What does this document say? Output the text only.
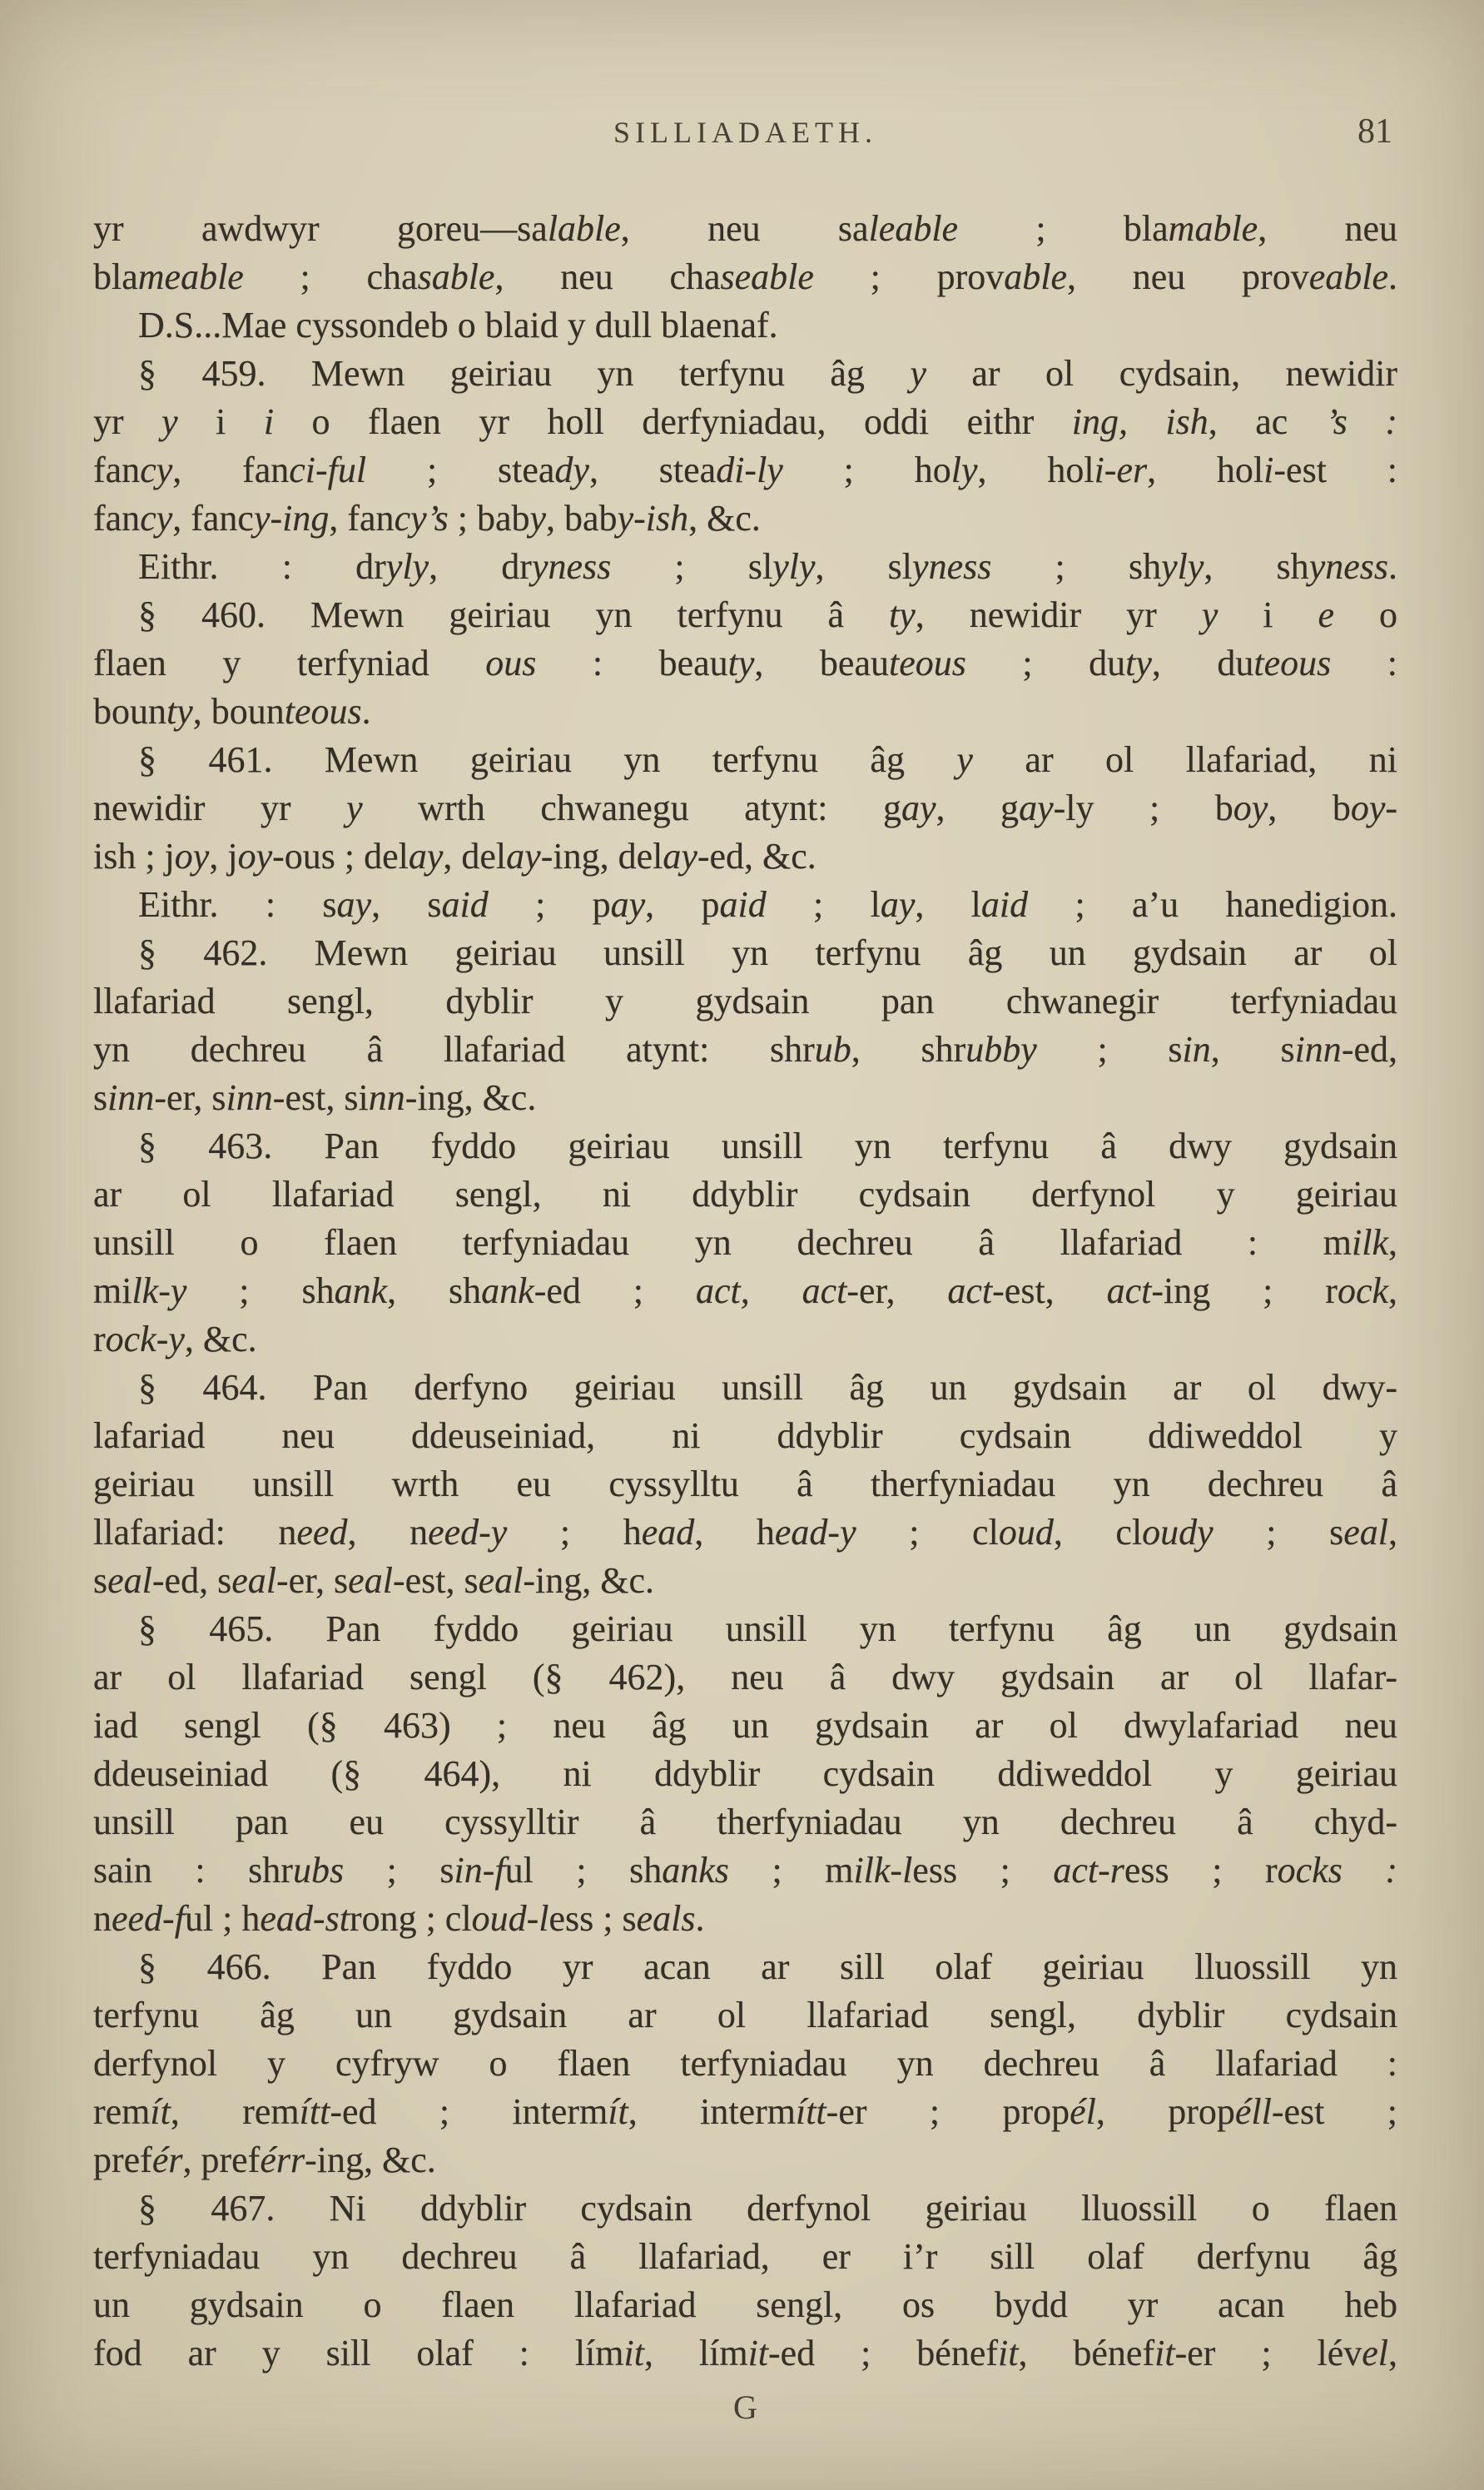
SILLIADAETH.	81
yr awdwyr goreu—salable, neu saleable ; blamable, neu
blameable ; chasable, neu chaseable ; provable, neu proveable.
D.S...Mae cyssondeb o blaid y dull blaenaf.
§ 459. Mewn geiriau yn terfynu âg y ar ol cydsain, newidir
yr y i i o flaen yr holl derfyniadau, oddi eithr ing, ish, ac ’s :
fancy, fanci-ful ; steady, steadi-ly ; holy, holi-er, holi-est :
fancy, fancy-ing, fancy’s ; baby, baby-ish, &c.
Eithr. : dryly, dryness ; slyly, slyness ; shyly, shyness.
§ 460. Mewn geiriau yn terfynu â ty, newidir yr y i e o
flaen y terfyniad ous : beauty, beauteous ; duty, duteous :
bounty, bounteous.
§ 461. Mewn geiriau yn terfynu âg y ar ol llafariad, ni
newidir yr y wrth chwanegu atynt: gay, gay-ly ; boy, boy-
ish ; joy, joy-ous ; delay, delay-ing, delay-ed, &c.
Eithr. : say, said ; pay, paid ; lay, laid ; a’u hanedigion.
§ 462. Mewn geiriau unsill yn terfynu âg un gydsain ar ol
llafariad sengl, dyblir y gydsain pan chwanegir terfyniadau
yn dechreu â llafariad atynt: shrub, shrubby ; sin, sinn-ed,
sinn-er, sinn-est, sinn-ing, &c.
§ 463. Pan fyddo geiriau unsill yn terfynu â dwy gydsain
ar ol llafariad sengl, ni ddyblir cydsain derfynol y geiriau
unsill o flaen terfyniadau yn dechreu â llafariad : milk,
milk-y ; shank, shank-ed ; act, act-er, act-est, act-ing ; rock,
rock-y, &c.
§ 464. Pan derfyno geiriau unsill âg un gydsain ar ol dwy-
lafariad neu ddeuseiniad, ni ddyblir cydsain ddiweddol y
geiriau unsill wrth eu cyssylltu â therfyniadau yn dechreu â
llafariad: need, need-y ; head, head-y ; cloud, cloudy ; seal,
seal-ed, seal-er, seal-est, seal-ing, &c.
§ 465. Pan fyddo geiriau unsill yn terfynu âg un gydsain
ar ol llafariad sengl (§ 462), neu â dwy gydsain ar ol llafar-
iad sengl (§ 463) ; neu âg un gydsain ar ol dwylafariad neu
ddeuseiniad (§ 464), ni ddyblir cydsain ddiweddol y geiriau
unsill pan eu cyssylltir â therfyniadau yn dechreu â chyd-
sain : shrubs ; sin-ful ; shanks ; milk-less ; act-ress ; rocks :
need-ful ; head-strong ; cloud-less ; seals.
§ 466. Pan fyddo yr acan ar sill olaf geiriau lluossill yn
terfynu âg un gydsain ar ol llafariad sengl, dyblir cydsain
derfynol y cyfryw o flaen terfyniadau yn dechreu â llafariad :
remít, remítt-ed ; intermít, intermítt-er ; propél, propéll-est ;
prefér, preférr-ing, &c.
§ 467. Ni ddyblir cydsain derfynol geiriau lluossill o flaen
terfyniadau yn dechreu â llafariad, er i’r sill olaf derfynu âg
un gydsain o flaen llafariad sengl, os bydd yr acan heb
fod ar y sill olaf : límit, límit-ed ; bénefit, bénefit-er ; lével,
G
